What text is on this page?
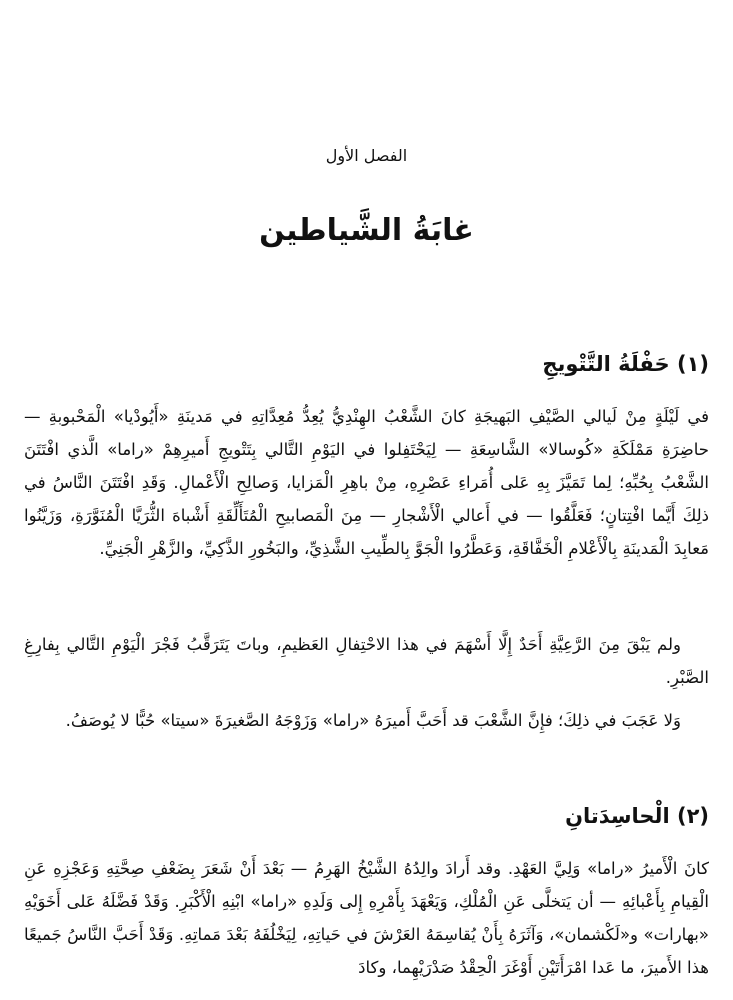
الفصل الأول
غابَةُ الشَّياطين
(١) حَفْلَةُ التَّتْويجِ

في لَيْلَةٍ مِنْ لَيالي الصَّيْفِ البَهيجَةِ كانَ الشَّعْبُ الهِنْدِيُّ يُعِدُّ مُعِدَّاتِهِ في مَدينَةِ «أَيُودْيا» الْمَحْبوبةِ — حاضِرَةِ مَمْلَكَةِ «كُوسالا» الشَّاسِعَةِ — لِيَحْتَفِلوا في اليَوْمِ التَّالي بِتَتْويجِ أَميرِهِمْ «راما» الَّذي افْتَتَنَ الشَّعْبُ بِحُبِّهِ؛ لِما تَمَيَّزَ بِهِ عَلى أُمَراءِ عَصْرِهِ، مِنْ باهِرِ الْمَزايا، وَصالِحِ الْأَعْمالِ. وَقَدِ افْتَتَنَ النَّاسُ في ذلِكَ أَيَّما افْتِتانٍ؛ فَعَلَّقُوا — في أَعالي الْأَشْجارِ — مِنَ الْمَصابيحِ الْمُتَأَلِّقَةِ أَشْباهَ الثُّرَيَّا الْمُنَوَّرَةِ، وَزَيَّنُوا مَعابِدَ الْمَدينَةِ بِالْأَعْلامِ الْخَفَّاقَةِ، وَعَطَّرُوا الْجَوَّ بِالطِّيبِ الشَّذِيِّ، والبَخُورِ الذَّكِيِّ، والزَّهْرِ الْجَنِيِّ.

ولم يَبْقَ مِنَ الرَّعِيَّةِ أَحَدٌ إِلَّا أَسْهَمَ في هذا الاحْتِفالِ العَظيمِ، وباتَ يَتَرَقَّبُ فَجْرَ الْيَوْمِ التَّالي بِفارِغِ الصَّبْرِ.

وَلا عَجَبَ في ذلِكَ؛ فإِنَّ الشَّعْبَ قد أَحَبَّ أَميرَهُ «راما» وَزَوْجَهُ الصَّغيرَةَ «سيتا» حُبًّا لا يُوصَفُ.

(٢) الْحاسِدَتانِ

كانَ الْأَميرُ «راما» وَلِيَّ العَهْدِ. وقد أَرادَ والِدُهُ الشَّيْخُ الهَرِمُ — بَعْدَ أَنْ شَعَرَ بِضَعْفِ صِحَّتِهِ وَعَجْزِهِ عَنِ الْقِيامِ بِأَعْبائِهِ — أن يَتخلَّى عَنِ الْمُلْكِ، وَيَعْهَدَ بِأَمْرِهِ إِلى وَلَدِهِ «راما» ابْنِهِ الْأَكْبَرِ. وَقَدْ فَضَّلَهُ عَلى أَخَوَيْهِ «بهارات» و«لَكْشمان»، وَآثَرَهُ بِأَنْ يُقاسِمَهُ العَرْشَ في حَياتِهِ، لِيَخْلُفَهُ بَعْدَ مَماتِهِ. وَقَدْ أَحَبَّ النَّاسُ جَميعًا هذا الأَميرَ، ما عَدا امْرَأَتَيْنِ أَوْغَرَ الْحِقْدُ صَدْرَيْهِما، وكادَ
